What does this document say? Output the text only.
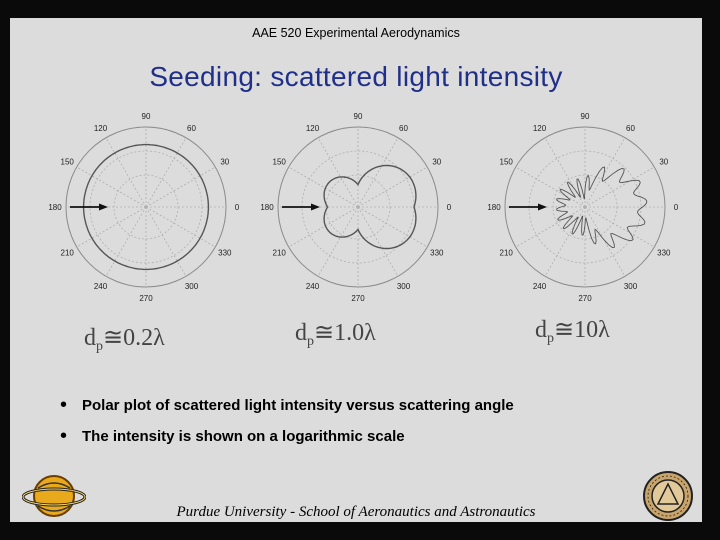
AAE 520 Experimental Aerodynamics
Seeding: scattered light intensity
0
30
60
90
120
150
180
210
240
270
300
330
0
30
60
90
120
150
180
210
240
270
300
330
0
30
60
90
120
150
180
210
240
270
300
330
$d_p≅0.2\lambda$	$d_p≅1.0\lambda$	$d_p≅10\lambda$
• Polar plot of scattered light intensity versus scattering angle
• The intensity is shown on a logarithmic scale
Purdue University - School of Aeronautics and Astronautics
